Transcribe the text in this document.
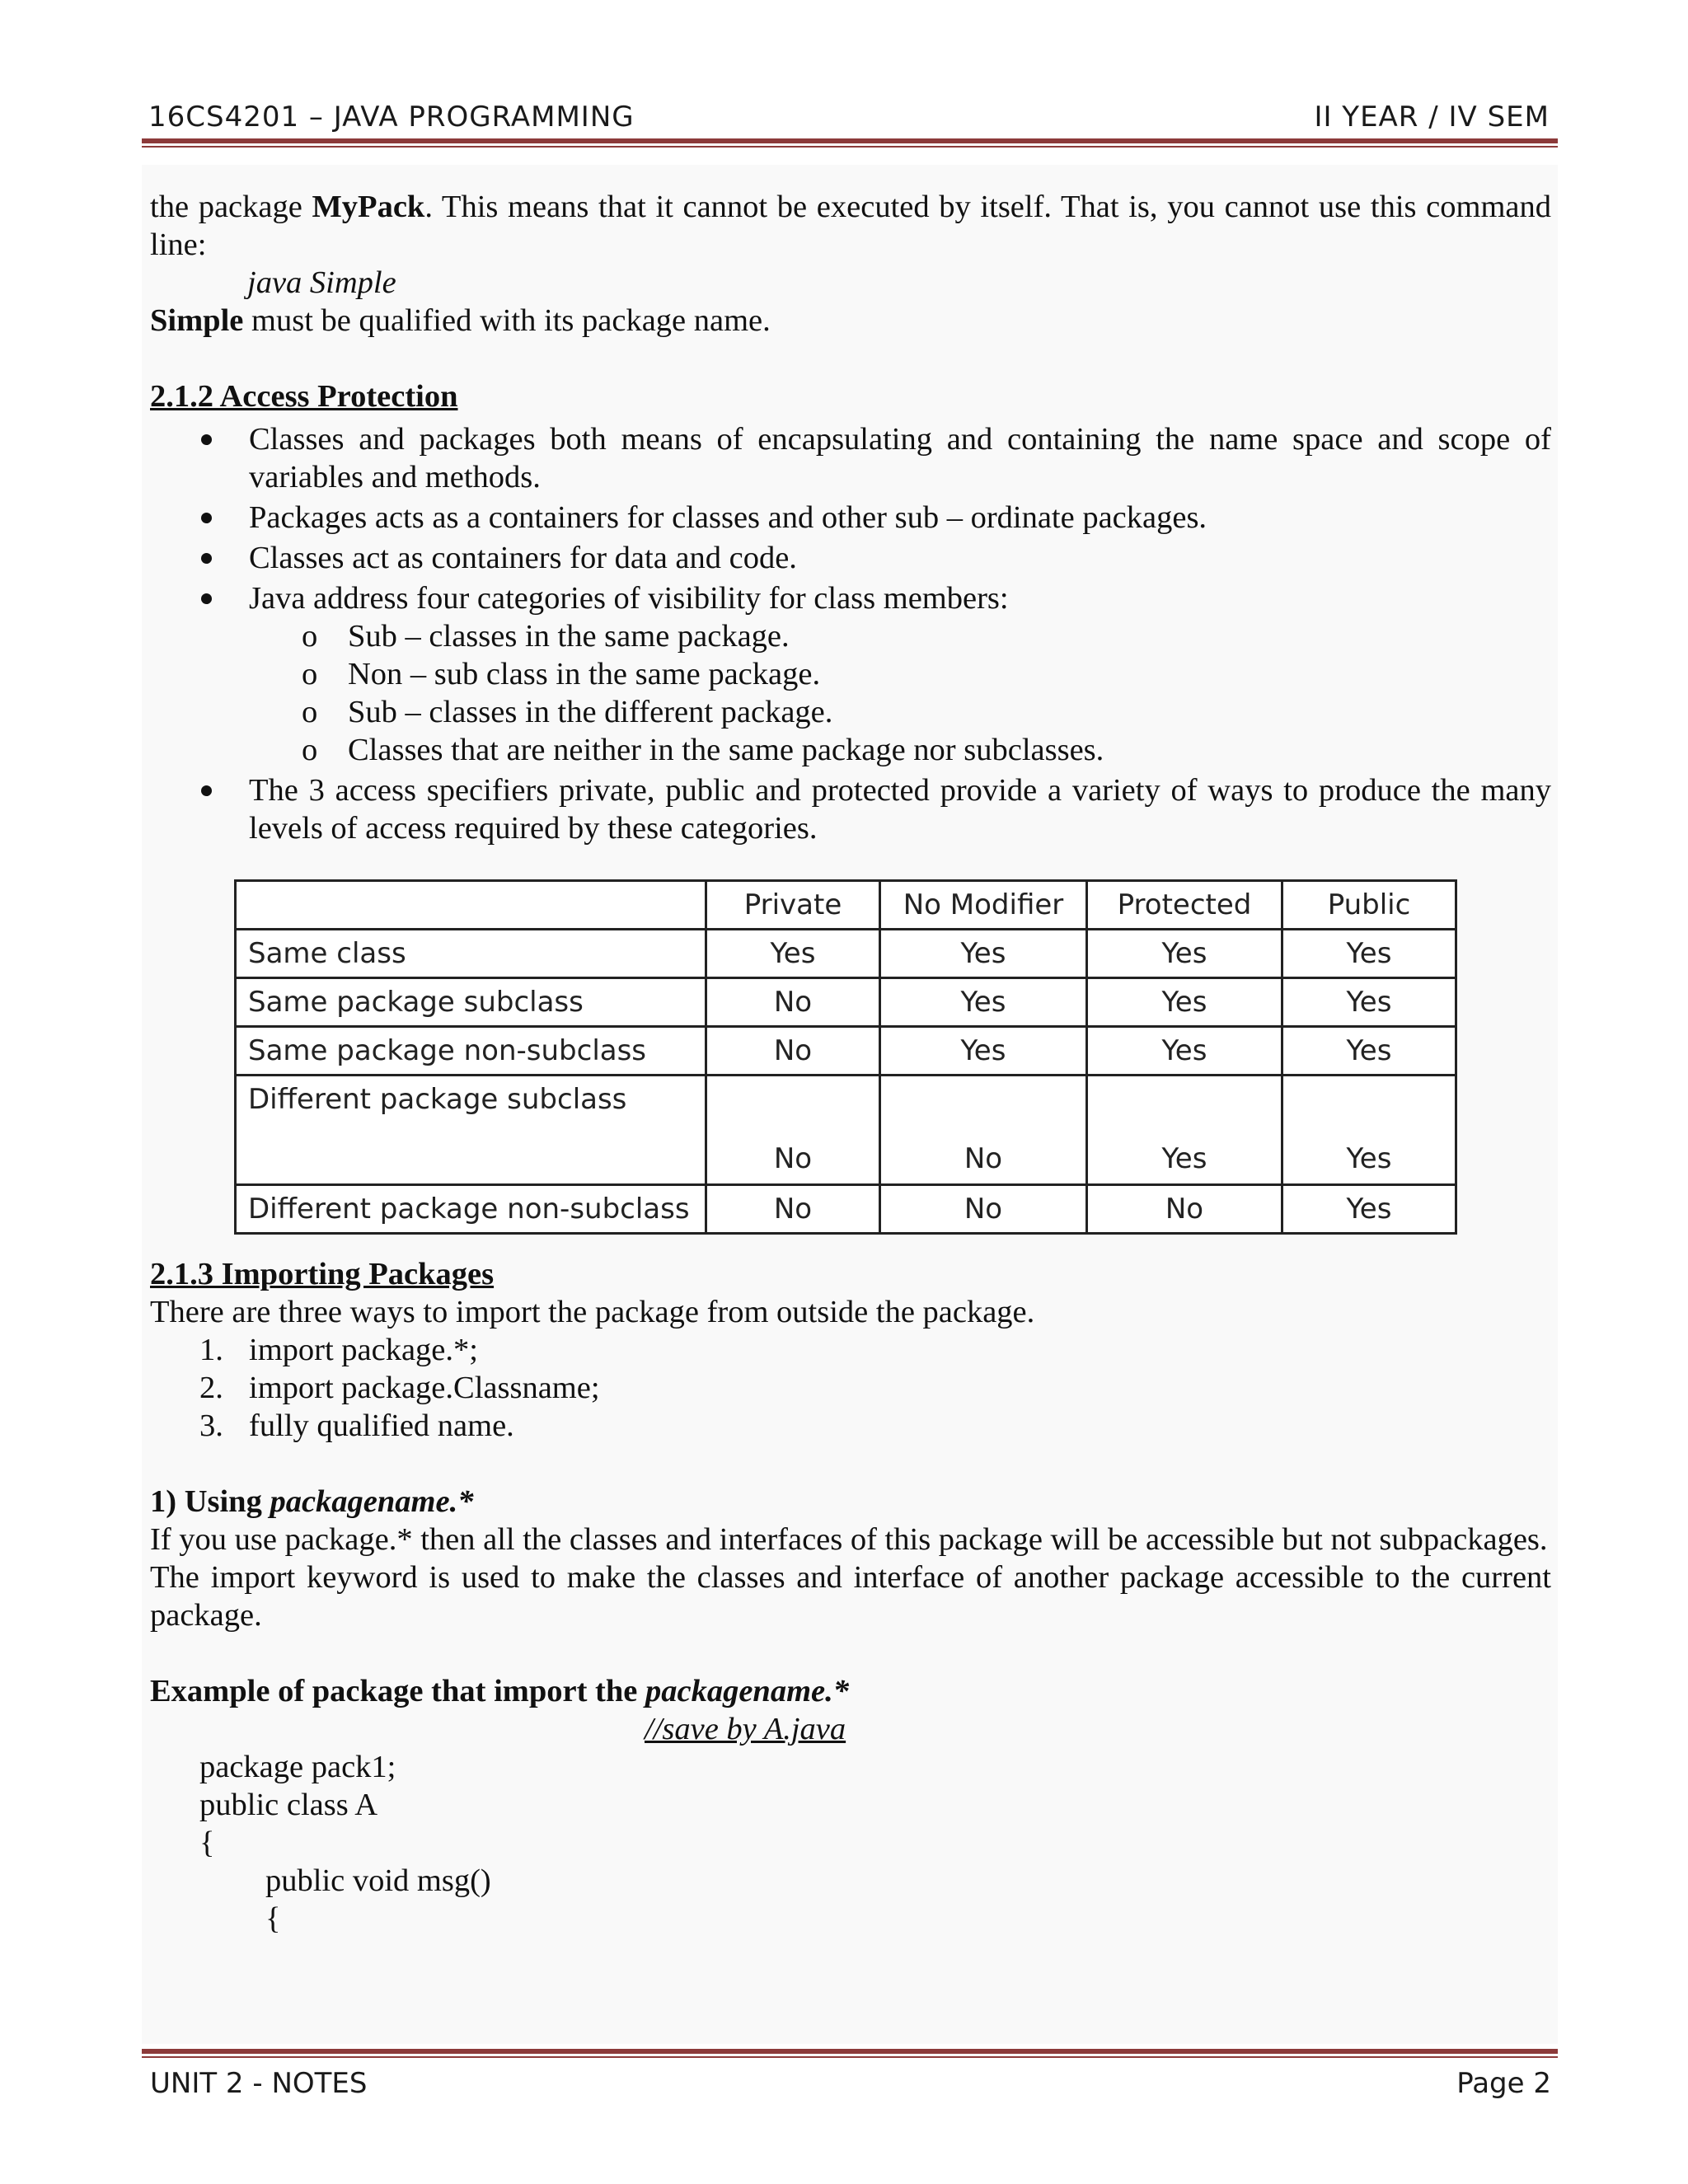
16CS4201 – JAVA PROGRAMMING	II YEAR / IV SEM

the package MyPack. This means that it cannot be executed by itself. That is, you cannot use this command line:

java Simple

Simple must be qualified with its package name.

2.1.2 Access Protection

Classes and packages both means of encapsulating and containing the name space and scope of variables and methods.
Packages acts as a containers for classes and other sub – ordinate packages.
Classes act as containers for data and code.
Java address four categories of visibility for class members:
o Sub – classes in the same package.
o Non – sub class in the same package.
o Sub – classes in the different package.
o Classes that are neither in the same package nor subclasses.
The 3 access specifiers private, public and protected provide a variety of ways to produce the many levels of access required by these categories.

2.1.3 Importing Packages

There are three ways to import the package from outside the package.

1. import package.*;
2. import package.Classname;
3. fully qualified name.

1) Using packagename.*

If you use package.* then all the classes and interfaces of this package will be accessible but not subpackages.

The import keyword is used to make the classes and interface of another package accessible to the current package.

Example of package that import the packagename.*

//save by A.java

package pack1;

public class A

{

public void msg()

{

	Private	No Modifier	Protected	Public
Same class	Yes	Yes	Yes	Yes
Same package subclass	No	Yes	Yes	Yes
Same package non-subclass	No	Yes	Yes	Yes
Different package subclass	No	No	Yes	Yes
Different package non-subclass	No	No	No	Yes
UNIT 2 - NOTES	Page 2
